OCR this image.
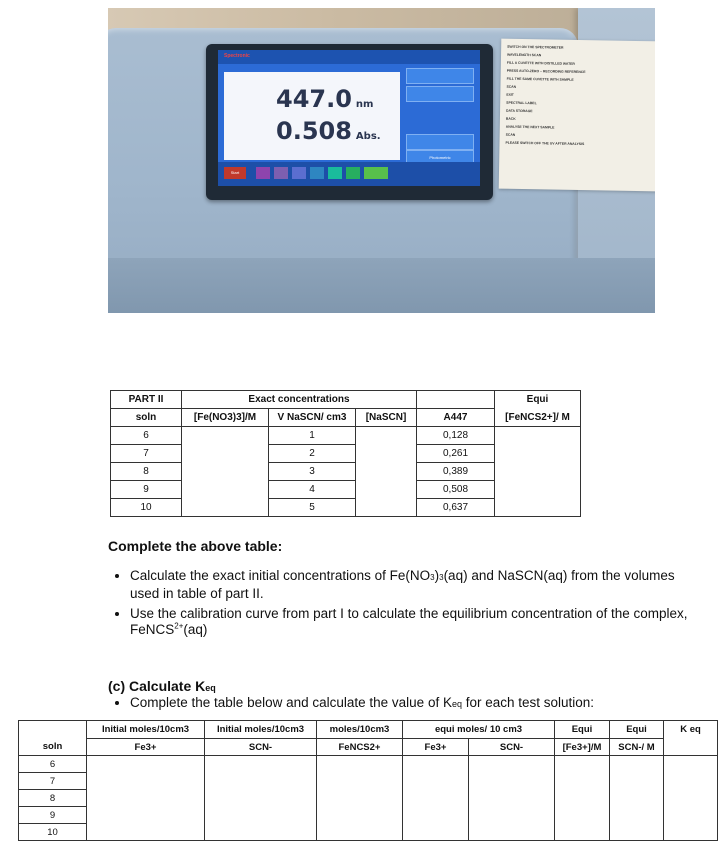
Spectronic
Photometric
Start
447.0 nm
0.508 Abs.
SWITCH ON THE SPECTROMETER
WAVELENGTH SCAN
FILL A CUVETTE WITH DISTILLED WATER
PRESS AUTO-ZERO – RECORDING REFERENCE
FILL THE SAME CUVETTE WITH SAMPLE
SCAN
EXIT
SPECTRAL LABEL
DATA STORAGE
BACK
ANALYSE THE NEXT SAMPLE
SCAN
PLEASE SWITCH OFF THE UV AFTER ANALYSIS
PART II	Exact concentrations				Equi
soln	[Fe(NO3)3]/M	V NaSCN/ cm3	[NaSCN]	A447	[FeNCS2+]/ M
6		1		0,128	
7		2		0,261	
8		3		0,389	
9		4		0,508	
10		5		0,637	
Complete the above table:
• Calculate the exact initial concentrations of Fe(NO3)3(aq) and NaSCN(aq) from the volumes used in table of part II.
• Use the calibration curve from part I to calculate the equilibrium concentration of the complex, FeNCS$^{2+}$(aq)
(c) Calculate Keq
• Complete the table below and calculate the value of Keq for each test solution:
	Initial moles/10cm3	Initial moles/10cm3	moles/10cm3	equi moles/ 10 cm3		Equi	Equi	K eq
soln	Fe3+	SCN-	FeNCS2+	Fe3+	SCN-	[Fe3+]/M	SCN-/ M	
6								
7								
8								
9								
10								
